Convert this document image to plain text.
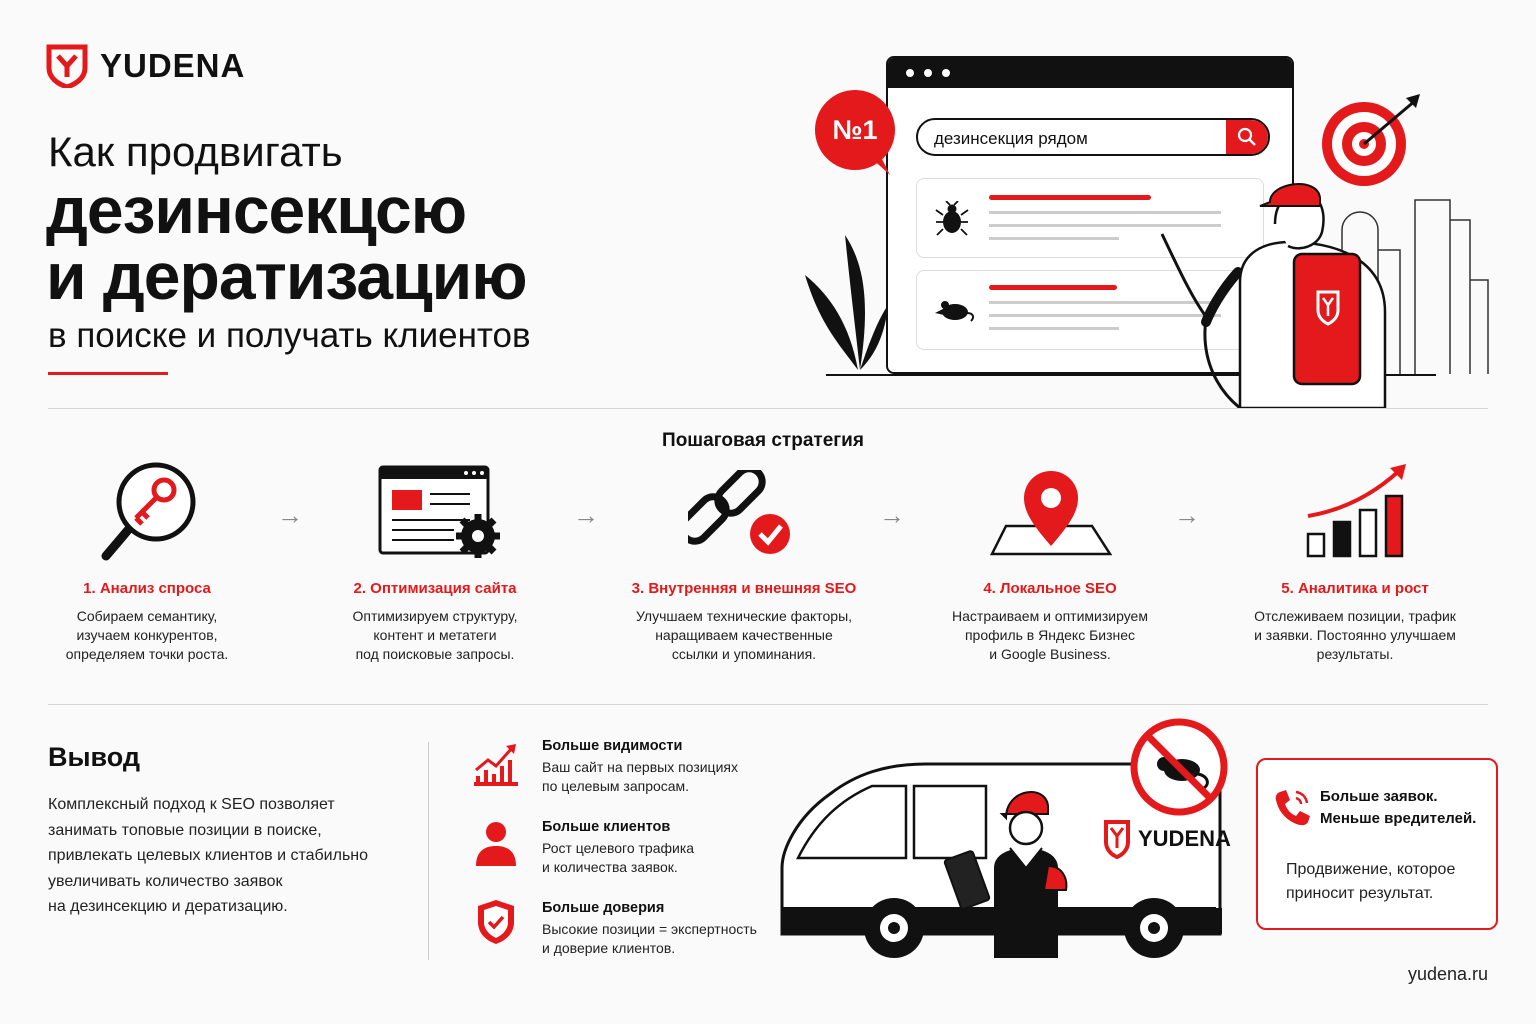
YUDENA
Как продвигать
дезинсекцсю
и дератизацию
в поиске и получать клиентов
дезинсекция рядом
№1
Пошаговая стратегия
→	→	→	→
1. Анализ спроса
Собираем семантику,
изучаем конкурентов,
определяем точки роста.
2. Оптимизация сайта
Оптимизируем структуру,
контент и метатеги
под поисковые запросы.
3. Внутренняя и внешняя SEO
Улучшаем технические факторы,
наращиваем качественные
ссылки и упоминания.
4. Локальное SEO
Настраиваем и оптимизируем
профиль в Яндекс Бизнес
и Google Business.
5. Аналитика и рост
Отслеживаем позиции, трафик
и заявки. Постоянно улучшаем
результаты.
Вывод
Комплексный подход к SEO позволяет
занимать топовые позиции в поиске,
привлекать целевых клиентов и стабильно
увеличивать количество заявок
на дезинсекцию и дератизацию.
Больше видимости
Ваш сайт на первых позициях
по целевым запросам.
Больше клиентов
Рост целевого трафика
и количества заявок.
Больше доверия
Высокие позиции = экспертность
и доверие клиентов.
YUDENA
Больше заявок.
Меньше вредителей.
Продвижение, которое
приносит результат.
yudena.ru
